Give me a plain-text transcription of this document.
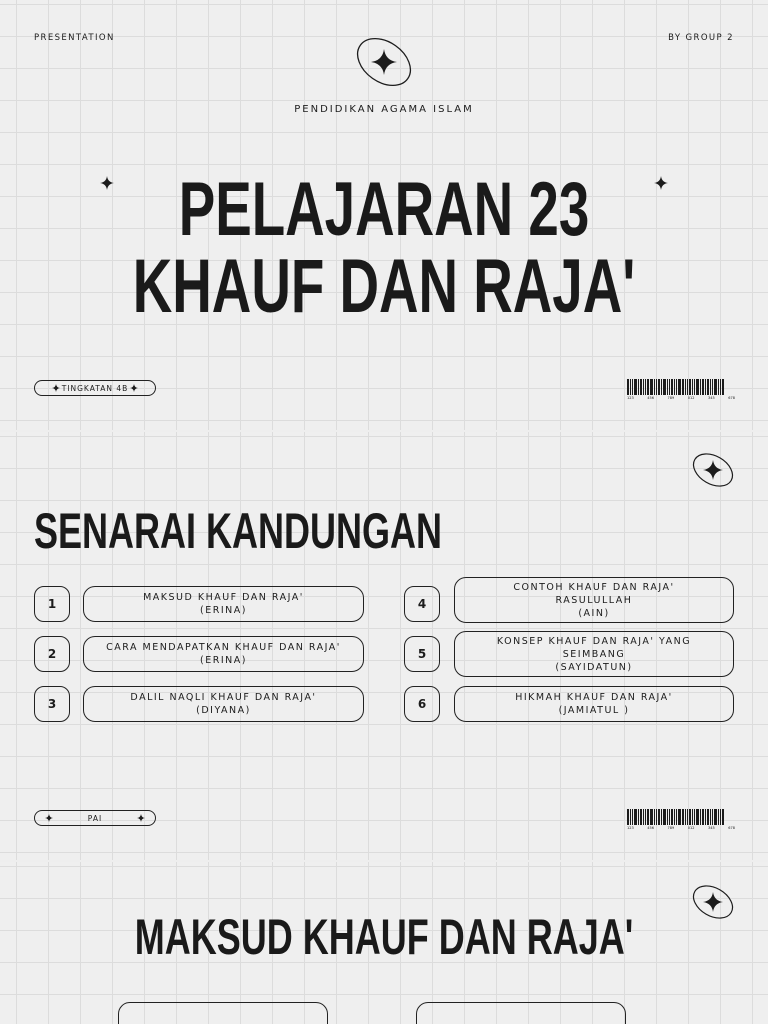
PRESENTATION	BY GROUP 2
PENDIDIKAN AGAMA ISLAM
PELAJARAN 23
KHAUF DAN RAJA'
TINGKATAN 4B
123	456	789	012	345	678
SENARAI KANDUNGAN
1	MAKSUD KHAUF DAN RAJA'
(ERINA)
2	CARA MENDAPATKAN KHAUF DAN RAJA'
(ERINA)
3	DALIL NAQLI KHAUF DAN RAJA'
(DIYANA)
4
CONTOH KHAUF DAN RAJA'
RASULULLAH
(AIN)
5
KONSEP KHAUF DAN RAJA' YANG
SEIMBANG
(SAYIDATUN)
6	HIKMAH KHAUF DAN RAJA'
(JAMIATUL )
PAI
123	456	789	012	345	678
MAKSUD KHAUF DAN RAJA'
